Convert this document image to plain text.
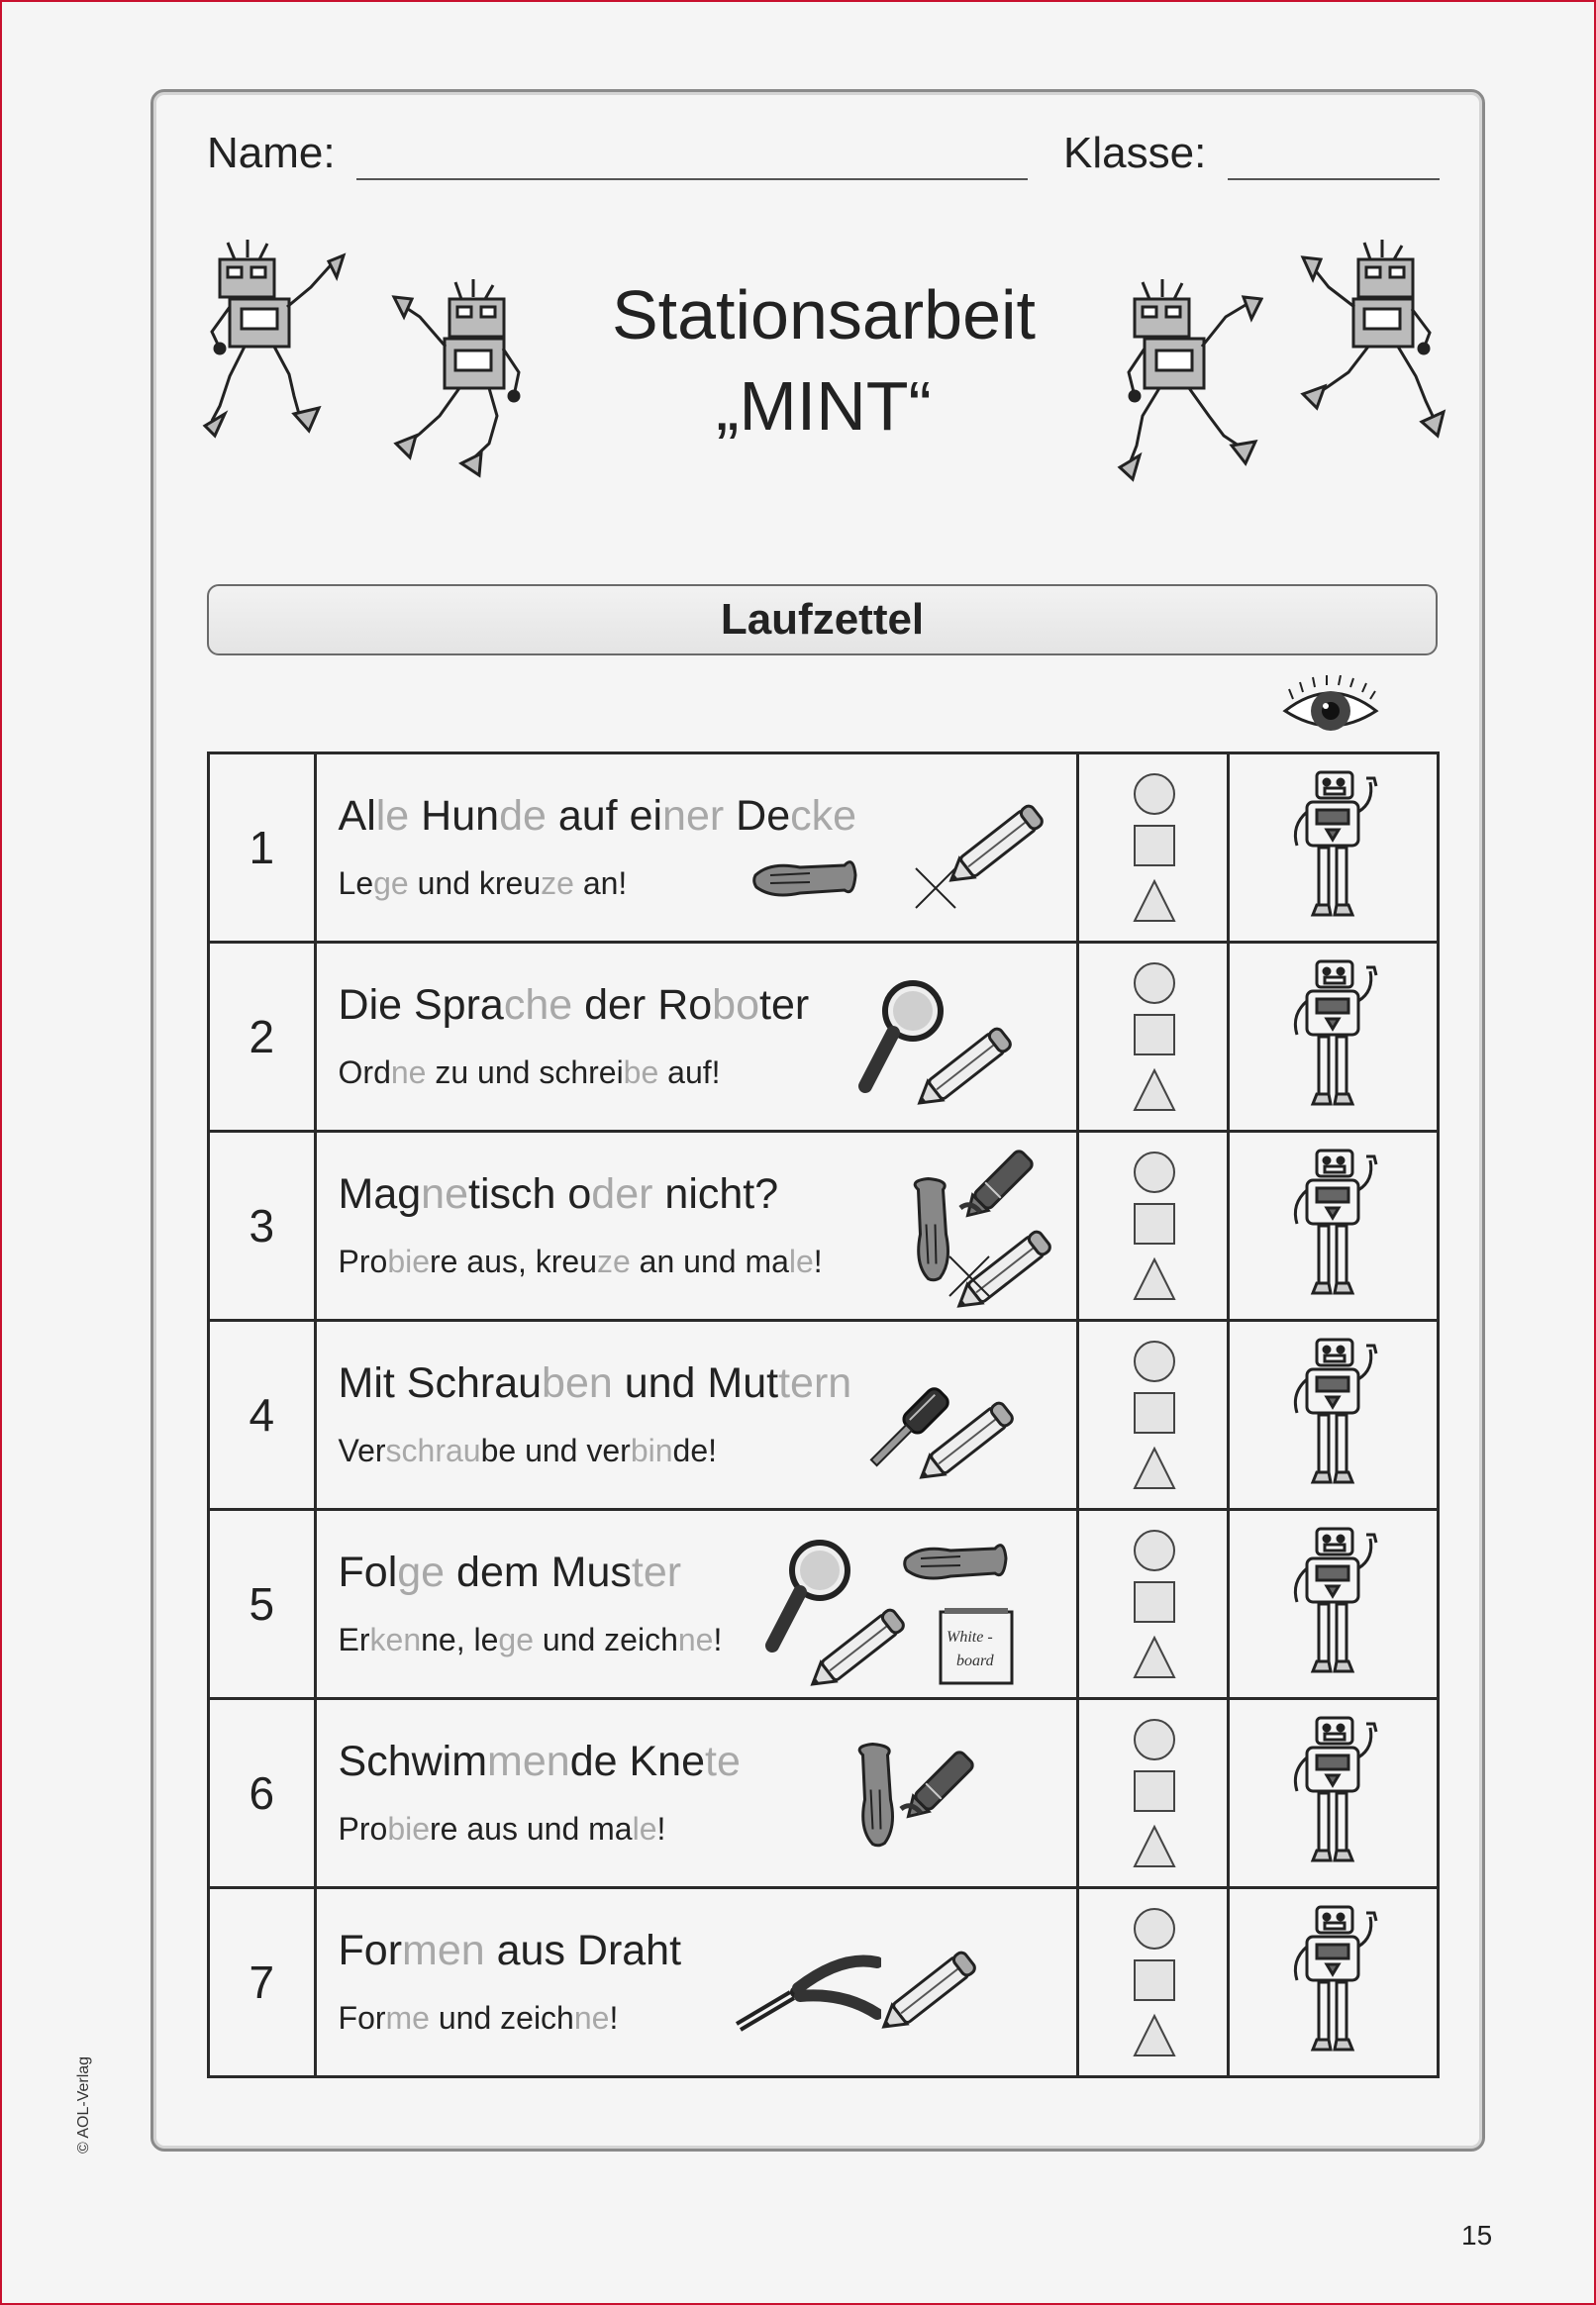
Name:	Klasse:
Stationsarbeit
„MINT“
Laufzettel
1	Alle Hunde auf einer Decke
Lege und kreuze an!

2	Die Sprache der Roboter
Ordne zu und schreibe auf!

3	Magnetisch oder nicht?
Probiere aus, kreuze an und male!

4	Mit Schrauben und Muttern
Verschraube und verbinde!

5	Folge dem Muster
Erkenne, lege und zeichne! White -
board

6	Schwimmende Knete
Probiere aus und male!

7	Formen aus Draht
Forme und zeichne!

© AOL-Verlag
15
